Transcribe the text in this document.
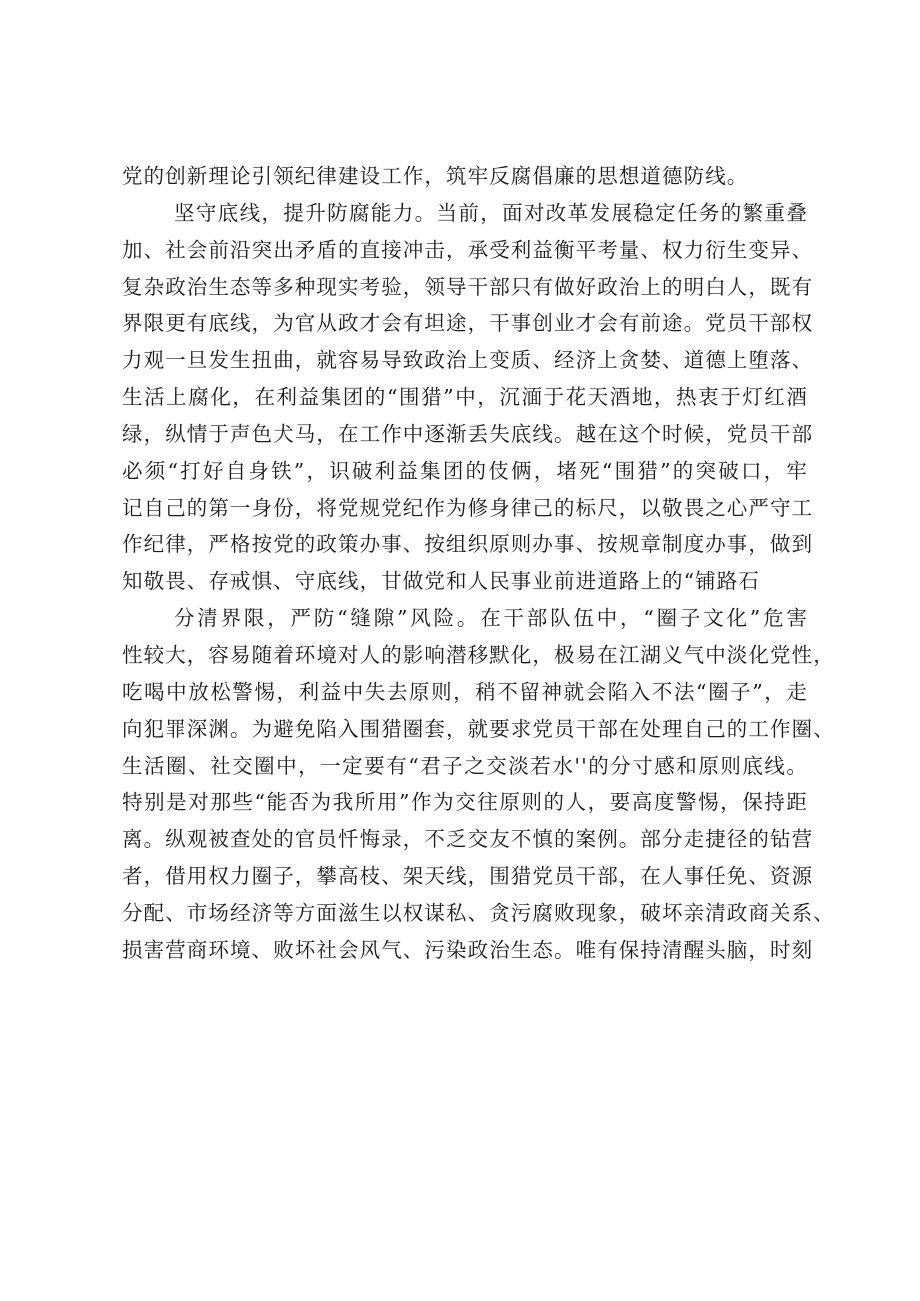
党的创新理论引领纪律建设工作，筑牢反腐倡廉的思想道德防线。
坚守底线，提升防腐能力。当前，面对改革发展稳定任务的繁重叠
加、社会前沿突出矛盾的直接冲击，承受利益衡平考量、权力衍生变异、
复杂政治生态等多种现实考验，领导干部只有做好政治上的明白人，既有
界限更有底线，为官从政才会有坦途，干事创业才会有前途。党员干部权
力观一旦发生扭曲，就容易导致政治上变质、经济上贪婪、道德上堕落、
生活上腐化，在利益集团的“围猎”中，沉湎于花天酒地，热衷于灯红酒
绿，纵情于声色犬马，在工作中逐渐丢失底线。越在这个时候，党员干部
必须“打好自身铁”，识破利益集团的伎俩，堵死“围猎”的突破口，牢
记自己的第一身份，将党规党纪作为修身律己的标尺，以敬畏之心严守工
作纪律，严格按党的政策办事、按组织原则办事、按规章制度办事，做到
知敬畏、存戒惧、守底线，甘做党和人民事业前进道路上的“铺路石
分清界限，严防“缝隙”风险。在干部队伍中，“圈子文化”危害
性较大，容易随着环境对人的影响潜移默化，极易在江湖义气中淡化党性，
吃喝中放松警惕，利益中失去原则，稍不留神就会陷入不法“圈子”，走
向犯罪深渊。为避免陷入围猎圈套，就要求党员干部在处理自己的工作圈、
生活圈、社交圈中，一定要有“君子之交淡若水''的分寸感和原则底线。
特别是对那些“能否为我所用”作为交往原则的人，要高度警惕，保持距
离。纵观被查处的官员忏悔录，不乏交友不慎的案例。部分走捷径的钻营
者，借用权力圈子，攀高枝、架天线，围猎党员干部，在人事任免、资源
分配、市场经济等方面滋生以权谋私、贪污腐败现象，破坏亲清政商关系、
损害营商环境、败坏社会风气、污染政治生态。唯有保持清醒头脑，时刻
